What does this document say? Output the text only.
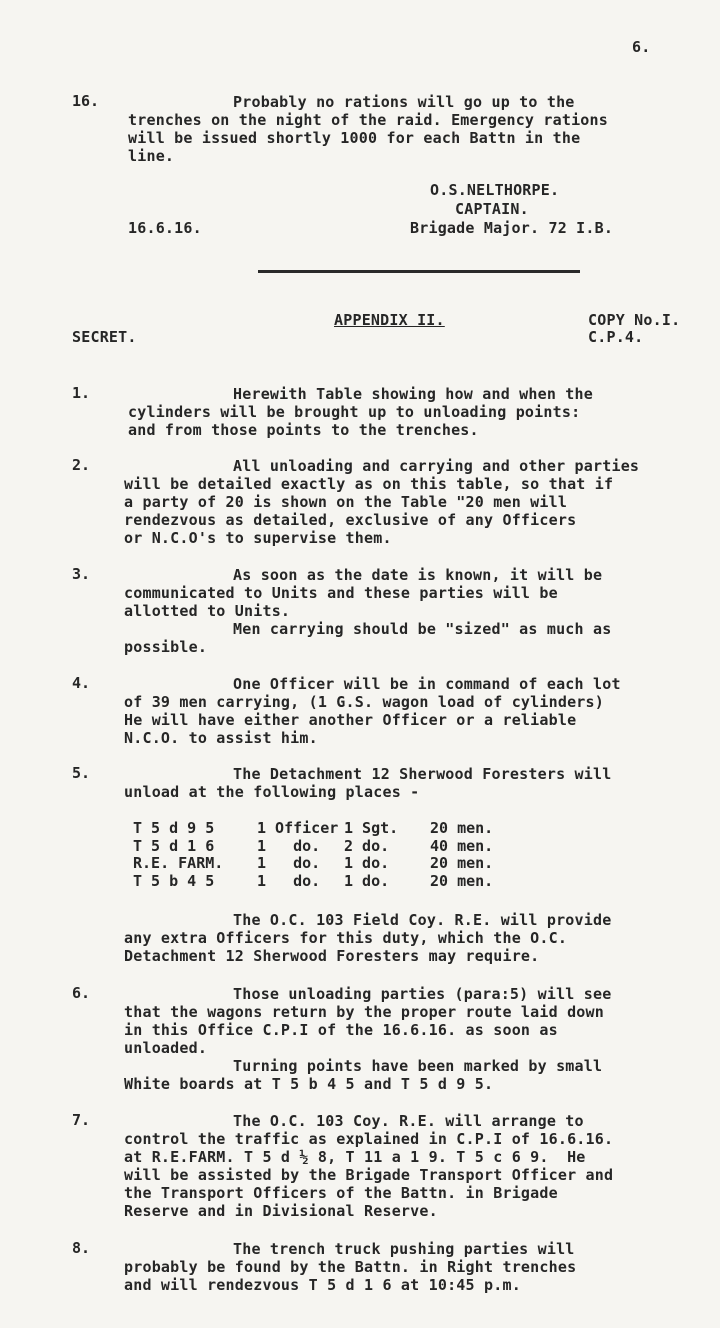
6.
16.	Probably no rations will go up to the
trenches on the night of the raid. Emergency rations
will be issued shortly 1000 for each Battn in the
line.
O.S.NELTHORPE.
CAPTAIN.
16.6.16.	Brigade Major. 72 I.B.
APPENDIX II.	COPY No.I.
SECRET.	C.P.4.
1.	Herewith Table showing how and when the
cylinders will be brought up to unloading points:
and from those points to the trenches.
2.	All unloading and carrying and other parties
will be detailed exactly as on this table, so that if
a party of 20 is shown on the Table "20 men will
rendezvous as detailed, exclusive of any Officers
or N.C.O's to supervise them.
3.	As soon as the date is known, it will be
communicated to Units and these parties will be
allotted to Units.
Men carrying should be "sized" as much as
possible.
4.	One Officer will be in command of each lot
of 39 men carrying, (1 G.S. wagon load of cylinders)
He will have either another Officer or a reliable
N.C.O. to assist him.
5.	The Detachment 12 Sherwood Foresters will
unload at the following places -
T 5 d 9 5	1 Officer	1 Sgt.	20 men.
T 5 d 1 6	1   do.	2 do.	40 men.
R.E. FARM.	1   do.	1 do.	20 men.
T 5 b 4 5	1   do.	1 do.	20 men.
The O.C. 103 Field Coy. R.E. will provide
any extra Officers for this duty, which the O.C.
Detachment 12 Sherwood Foresters may require.
6.	Those unloading parties (para:5) will see
that the wagons return by the proper route laid down
in this Office C.P.I of the 16.6.16. as soon as
unloaded.
Turning points have been marked by small
White boards at T 5 b 4 5 and T 5 d 9 5.
7.	The O.C. 103 Coy. R.E. will arrange to
control the traffic as explained in C.P.I of 16.6.16.
at R.E.FARM. T 5 d ½ 8, T 11 a 1 9. T 5 c 6 9.  He
will be assisted by the Brigade Transport Officer and
the Transport Officers of the Battn. in Brigade
Reserve and in Divisional Reserve.
8.	The trench truck pushing parties will
probably be found by the Battn. in Right trenches
and will rendezvous T 5 d 1 6 at 10:45 p.m.
